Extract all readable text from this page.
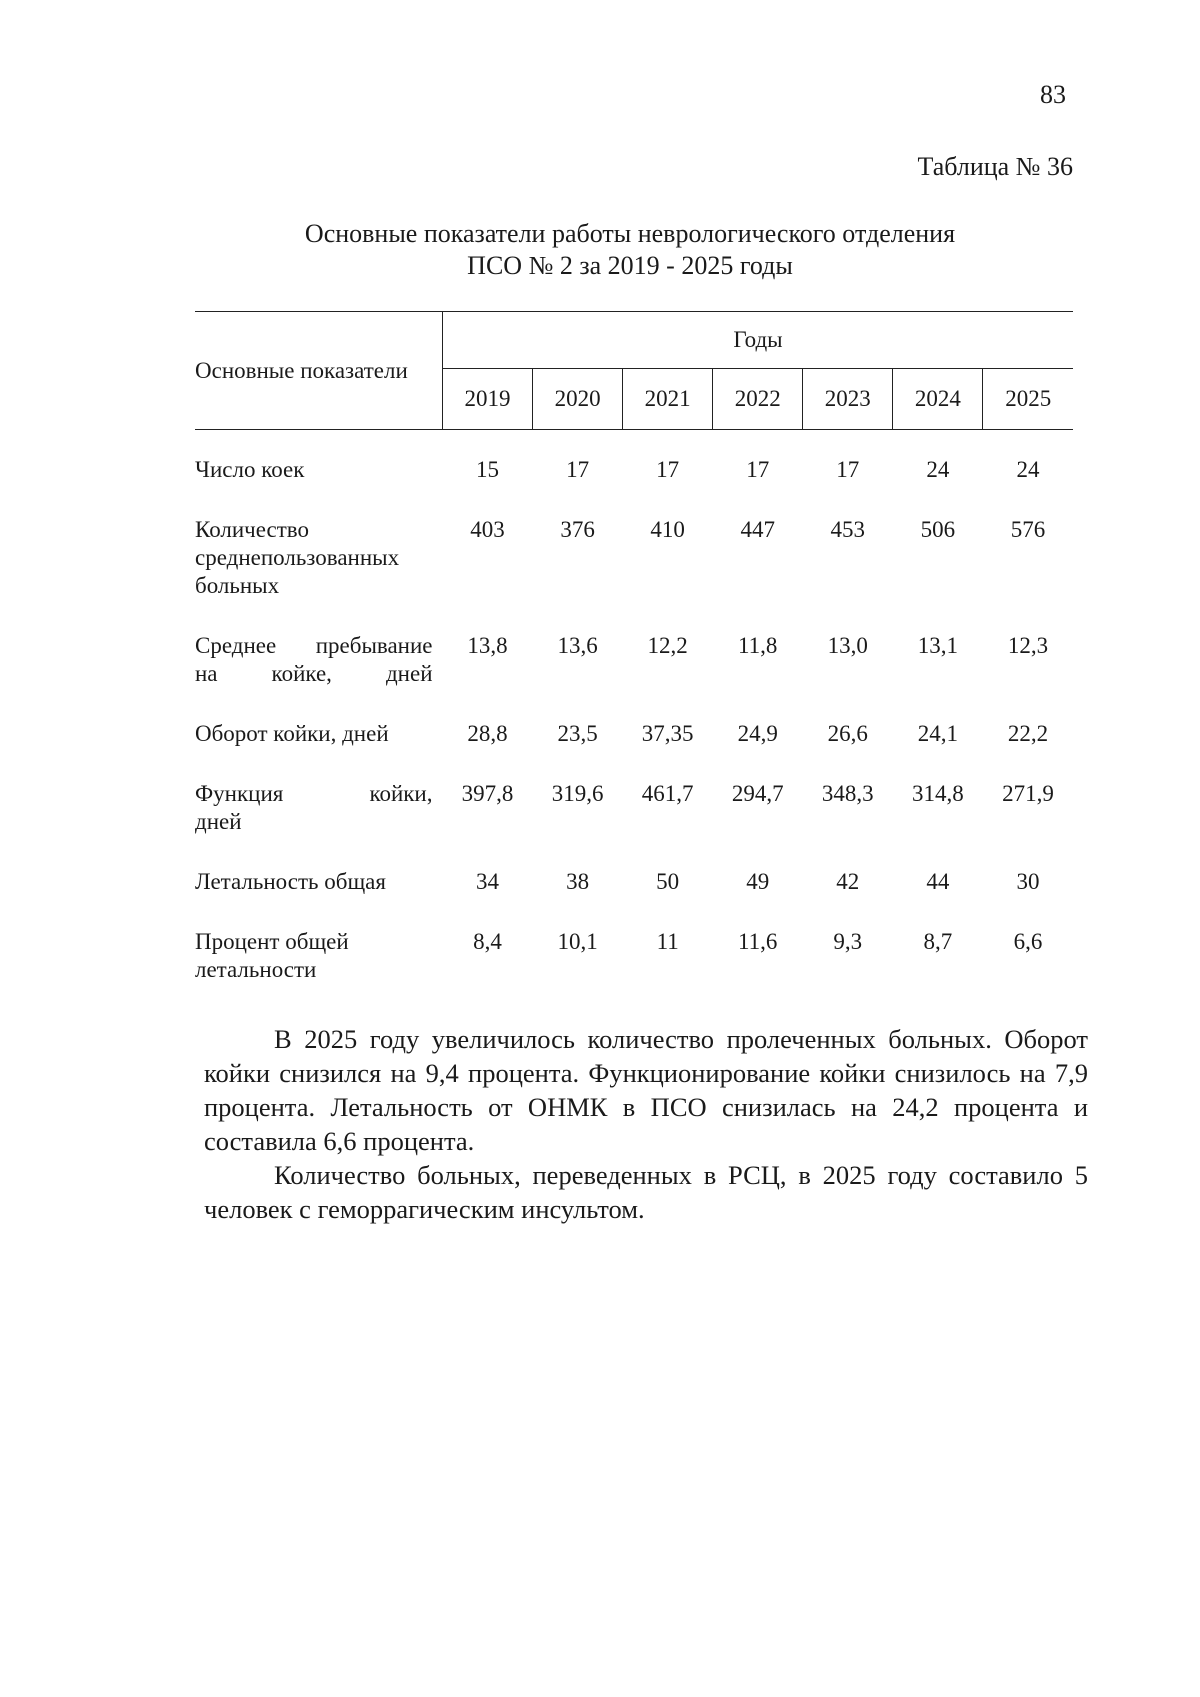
83
Таблица № 36
Основные показатели работы неврологического отделения
ПСО № 2 за 2019 - 2025 годы
Основные показатели	Годы						
	2019	2020	2021	2022	2023	2024	2025

Число коек	15	17	17	17	17	24	24
Количество
среднепользованных
больных	403	376	410	447	453	506	576
Среднее пребывание
на койке, дней	13,8	13,6	12,2	11,8	13,0	13,1	12,3
Оборот койки, дней	28,8	23,5	37,35	24,9	26,6	24,1	22,2
Функция койки,
дней	397,8	319,6	461,7	294,7	348,3	314,8	271,9
Летальность общая	34	38	50	49	42	44	30
Процент общей
летальности	8,4	10,1	11	11,6	9,3	8,7	6,6

В 2025 году увеличилось количество пролеченных больных. Оборот койки снизился на 9,4 процента. Функционирование койки снизилось на 7,9 процента. Летальность от ОНМК в ПСО снизилась на 24,2 процента и составила 6,6 процента.

Количество больных, переведенных в РСЦ, в 2025 году составило 5 человек с геморрагическим инсультом.
